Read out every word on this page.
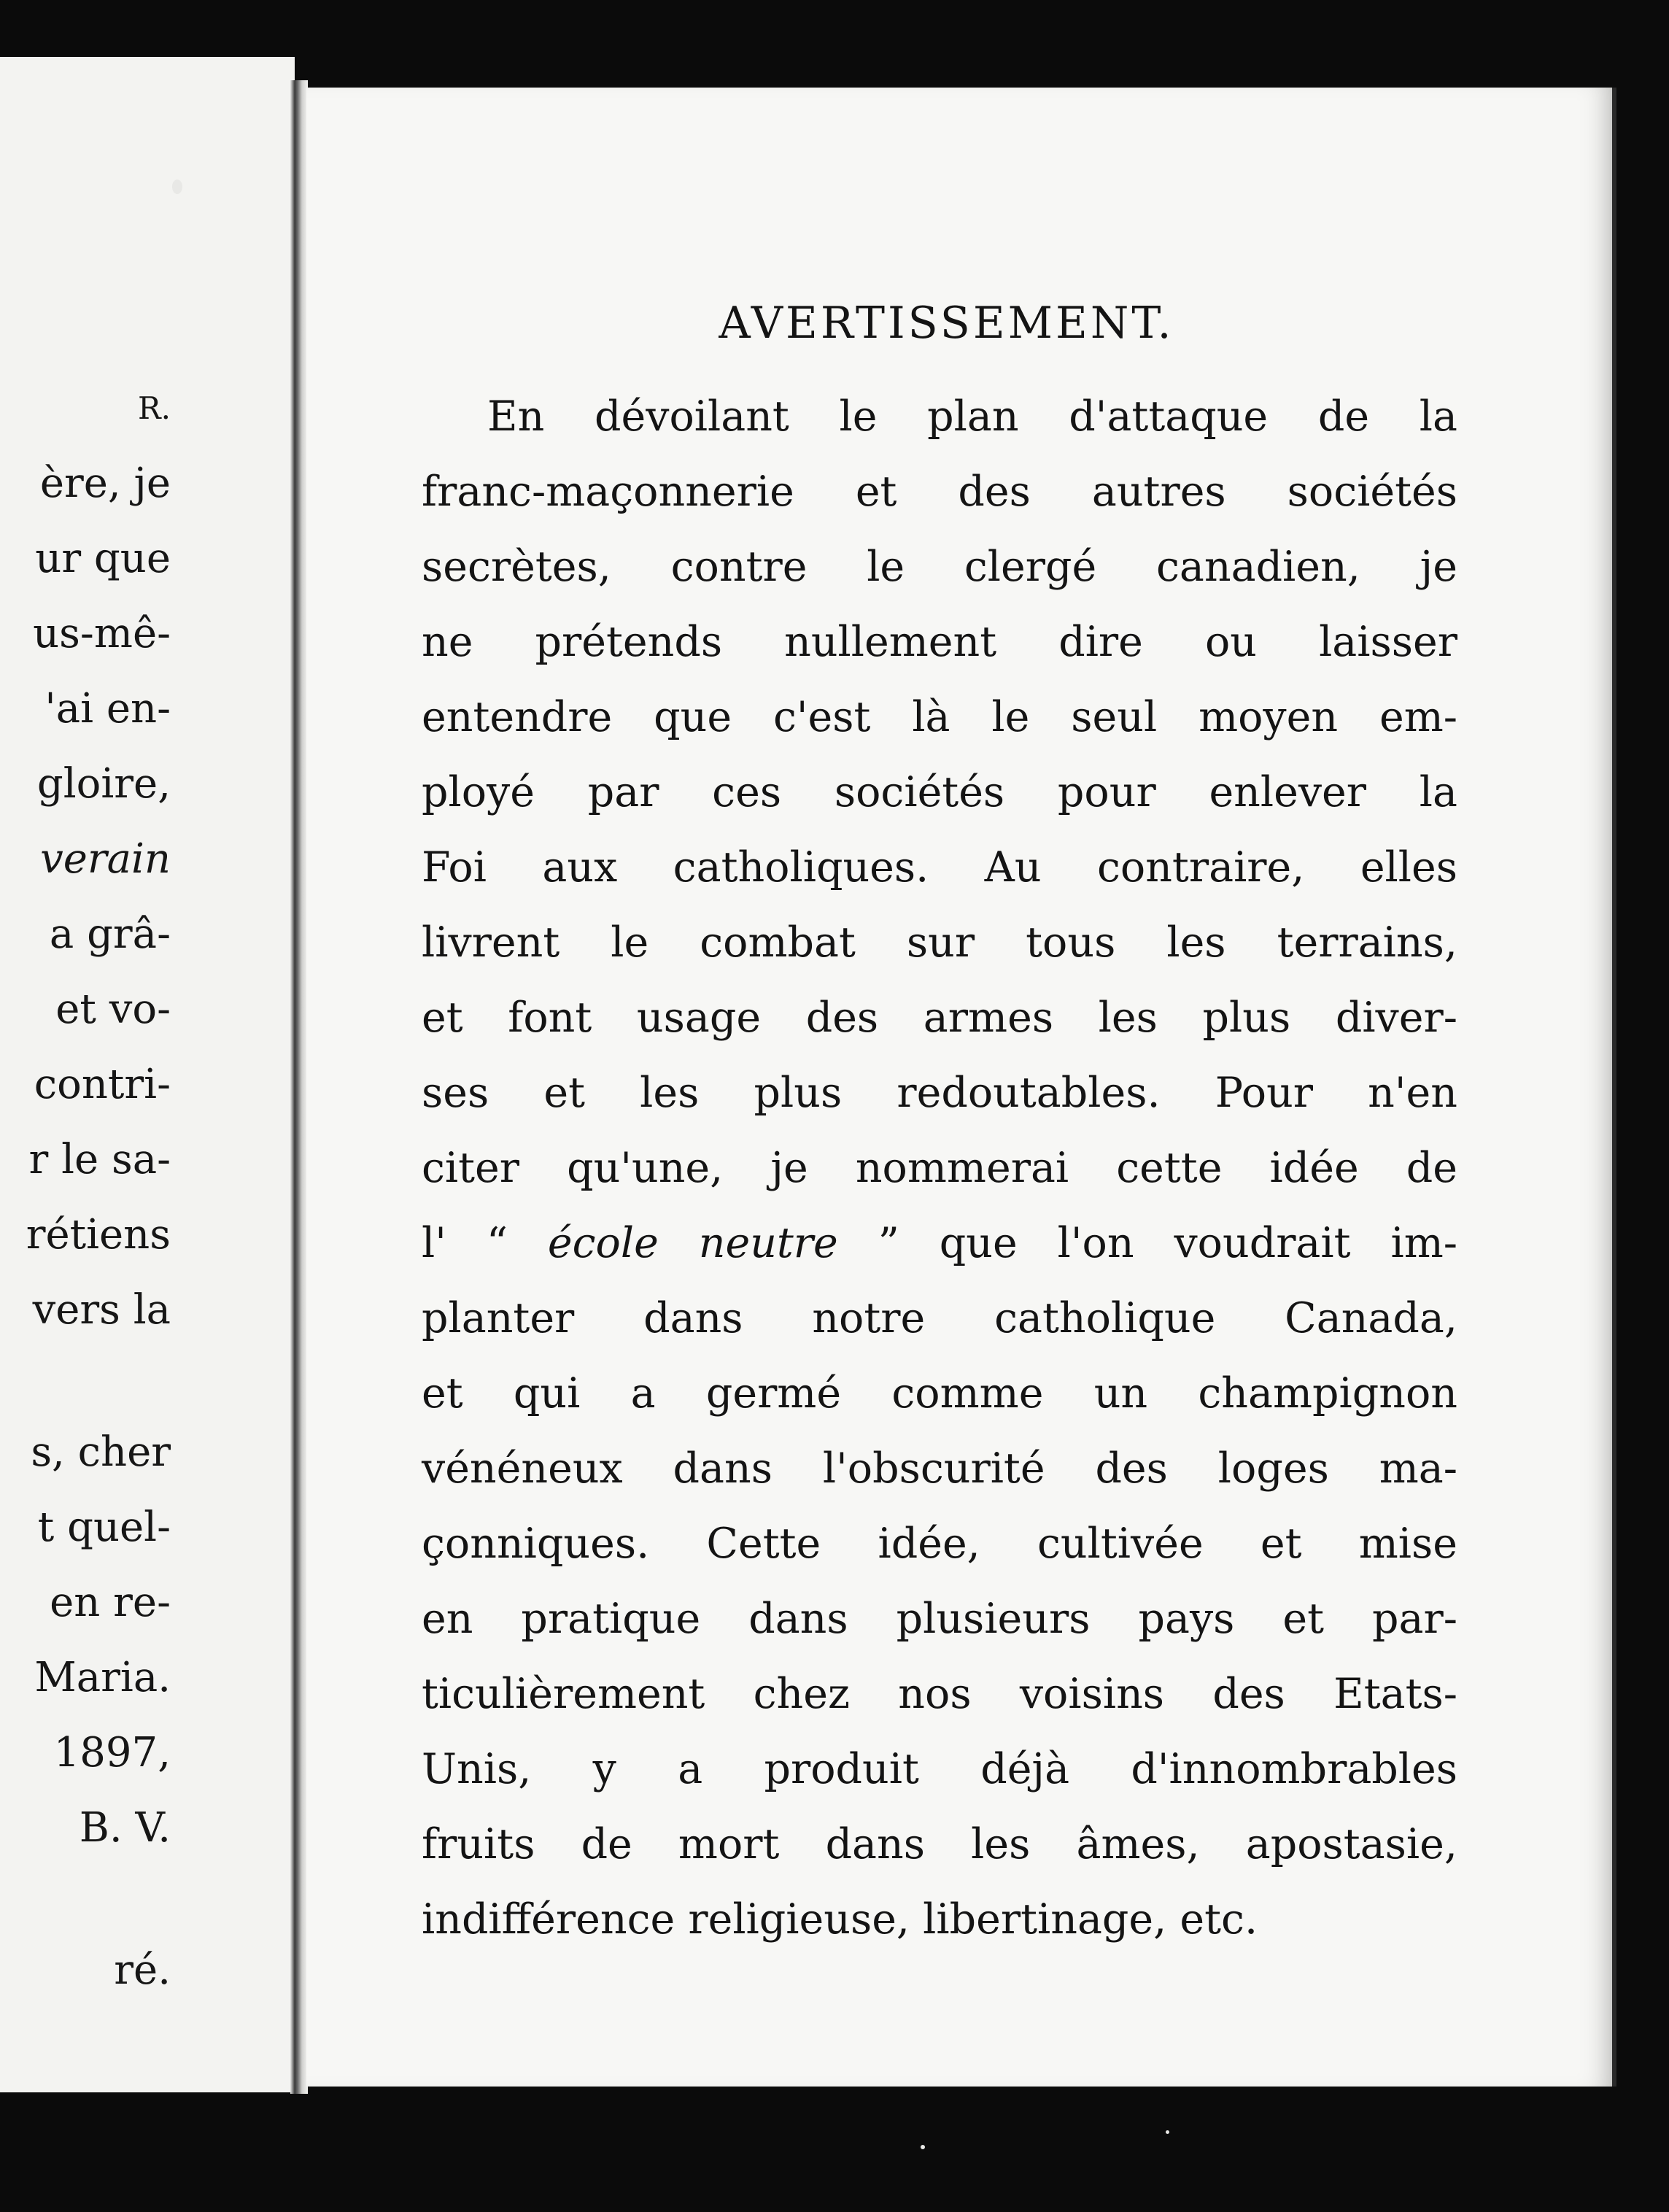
R.
ère, je
ur que
us-mê-
'ai en-
gloire,
verain
a grâ-
et vo-
contri-
r le sa-
rétiens
vers la
s, cher
t quel-
en re-
Maria.
1897,
B. V.
ré.
AVERTISSEMENT.
En dévoilant le plan d'attaque de la
franc-maçonnerie et des autres sociétés
secrètes, contre le clergé canadien, je
ne prétends nullement dire ou laisser
entendre que c'est là le seul moyen em-
ployé par ces sociétés pour enlever la
Foi aux catholiques. Au contraire, elles
livrent le combat sur tous les terrains,
et font usage des armes les plus diver-
ses et les plus redoutables. Pour n'en
citer qu'une, je nommerai cette idée de
l' “ école neutre ” que l'on voudrait im-
planter dans notre catholique Canada,
et qui a germé comme un champignon
vénéneux dans l'obscurité des loges ma-
çonniques. Cette idée, cultivée et mise
en pratique dans plusieurs pays et par-
ticulièrement chez nos voisins des Etats-
Unis, y a produit déjà d'innombrables
fruits de mort dans les âmes, apostasie,
indifférence religieuse, libertinage, etc.
